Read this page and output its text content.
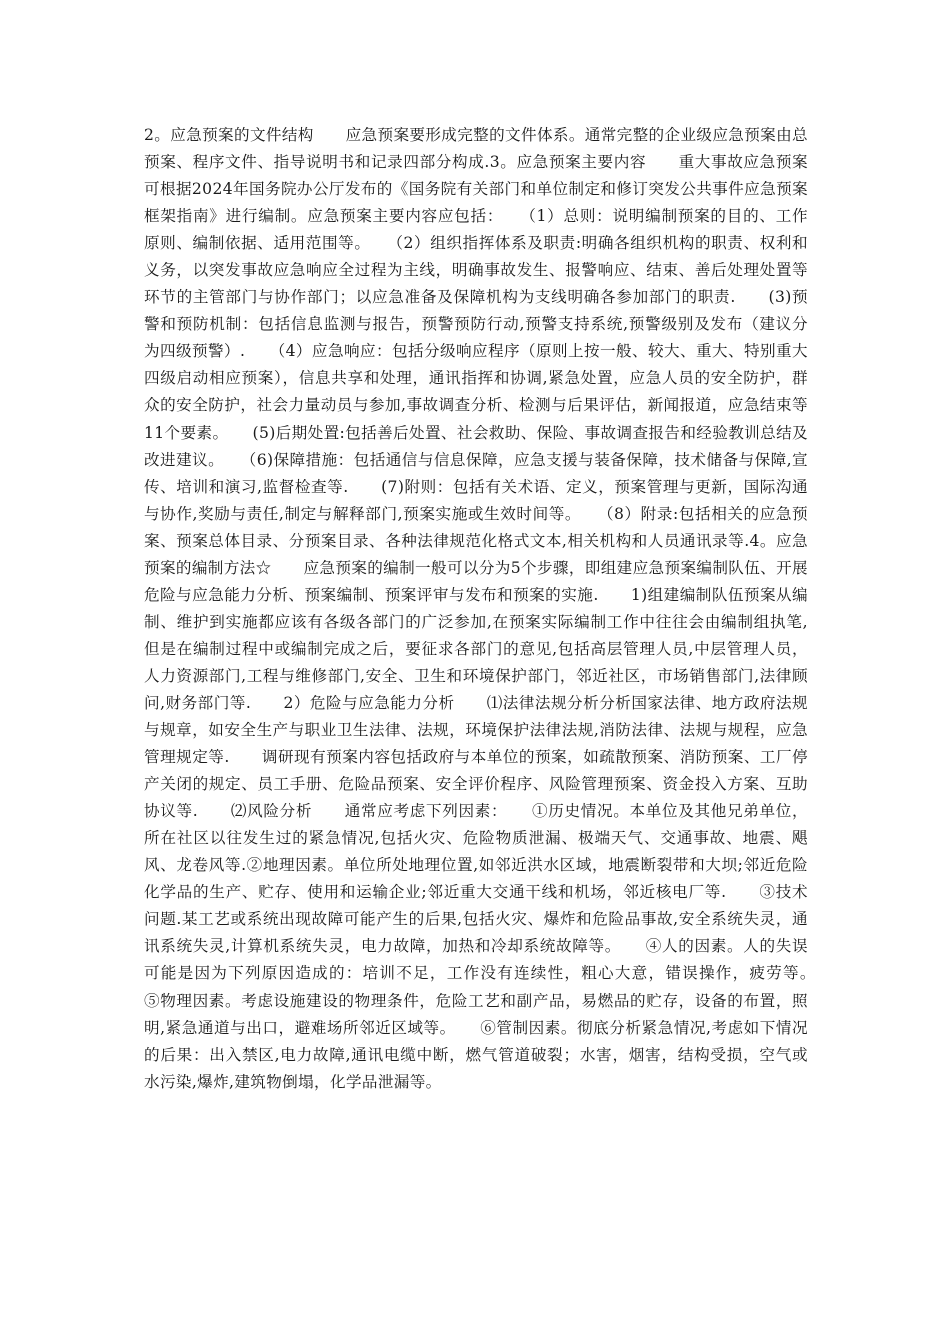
2。应急预案的文件结构　　应急预案要形成完整的文件体系。通常完整的企业级应急预案由总预案、程序文件、指导说明书和记录四部分构成.3。应急预案主要内容　　重大事故应急预案可根据2024年国务院办公厅发布的《国务院有关部门和单位制定和修订突发公共事件应急预案框架指南》进行编制。应急预案主要内容应包括：　　（1）总则：说明编制预案的目的、工作原则、编制依据、适用范围等。　　（2）组织指挥体系及职责:明确各组织机构的职责、权利和义务，以突发事故应急响应全过程为主线，明确事故发生、报警响应、结束、善后处理处置等环节的主管部门与协作部门；以应急准备及保障机构为支线明确各参加部门的职责.　　(3)预警和预防机制：包括信息监测与报告，预警预防行动,预警支持系统,预警级别及发布（建议分为四级预警）.　　（4）应急响应：包括分级响应程序（原则上按一般、较大、重大、特别重大四级启动相应预案），信息共享和处理，通讯指挥和协调,紧急处置，应急人员的安全防护，群众的安全防护，社会力量动员与参加,事故调查分析、检测与后果评估，新闻报道，应急结束等11个要素。　　(5)后期处置:包括善后处置、社会救助、保险、事故调查报告和经验教训总结及改进建议。　　（6)保障措施：包括通信与信息保障，应急支援与装备保障，技术储备与保障,宣传、培训和演习,监督检查等.　　(7)附则：包括有关术语、定义，预案管理与更新，国际沟通与协作,奖励与责任,制定与解释部门,预案实施或生效时间等。　　（8）附录:包括相关的应急预案、预案总体目录、分预案目录、各种法律规范化格式文本,相关机构和人员通讯录等.4。应急预案的编制方法☆　　应急预案的编制一般可以分为5个步骤，即组建应急预案编制队伍、开展危险与应急能力分析、预案编制、预案评审与发布和预案的实施.　　1)组建编制队伍预案从编制、维护到实施都应该有各级各部门的广泛参加,在预案实际编制工作中往往会由编制组执笔,但是在编制过程中或编制完成之后，要征求各部门的意见,包括高层管理人员,中层管理人员，人力资源部门,工程与维修部门,安全、卫生和环境保护部门，邻近社区，市场销售部门,法律顾问,财务部门等.　　2）危险与应急能力分析　　⑴法律法规分析分析国家法律、地方政府法规与规章，如安全生产与职业卫生法律、法规，环境保护法律法规,消防法律、法规与规程，应急管理规定等.　　调研现有预案内容包括政府与本单位的预案，如疏散预案、消防预案、工厂停产关闭的规定、员工手册、危险品预案、安全评价程序、风险管理预案、资金投入方案、互助协议等.　　⑵风险分析　　通常应考虑下列因素：　　①历史情况。本单位及其他兄弟单位，所在社区以往发生过的紧急情况,包括火灾、危险物质泄漏、极端天气、交通事故、地震、飓风、龙卷风等.②地理因素。单位所处地理位置,如邻近洪水区域，地震断裂带和大坝;邻近危险化学品的生产、贮存、使用和运输企业;邻近重大交通干线和机场，邻近核电厂等.　　③技术问题.某工艺或系统出现故障可能产生的后果,包括火灾、爆炸和危险品事故,安全系统失灵，通讯系统失灵,计算机系统失灵，电力故障，加热和冷却系统故障等。　　④人的因素。人的失误可能是因为下列原因造成的：培训不足，工作没有连续性，粗心大意，错误操作，疲劳等。　　⑤物理因素。考虑设施建设的物理条件，危险工艺和副产品，易燃品的贮存，设备的布置，照明,紧急通道与出口，避难场所邻近区域等。　　⑥管制因素。彻底分析紧急情况,考虑如下情况的后果：出入禁区,电力故障,通讯电缆中断，燃气管道破裂；水害，烟害，结构受损，空气或水污染,爆炸,建筑物倒塌，化学品泄漏等。
